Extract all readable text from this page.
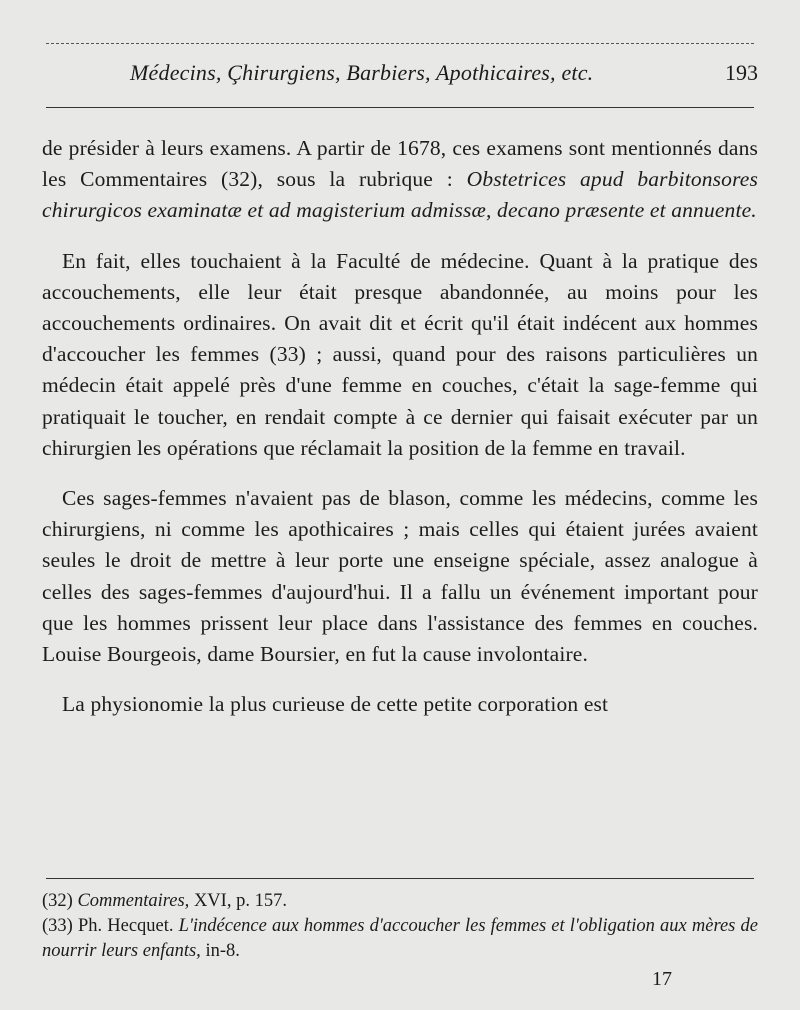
Médecins, Çhirurgiens, Barbiers, Apothicaires, etc.	193

de présider à leurs examens. A partir de 1678, ces examens sont mentionnés dans les Commentaires (32), sous la rubrique : Obstetrices apud barbitonsores chirurgicos examinatæ et ad magisterium admissæ, decano præsente et annuente.

En fait, elles touchaient à la Faculté de médecine. Quant à la pratique des accouchements, elle leur était presque abandonnée, au moins pour les accouchements ordinaires. On avait dit et écrit qu'il était indécent aux hommes d'accoucher les femmes (33) ; aussi, quand pour des raisons particulières un médecin était appelé près d'une femme en couches, c'était la sage-femme qui pratiquait le toucher, en rendait compte à ce dernier qui faisait exécuter par un chirurgien les opérations que réclamait la position de la femme en travail.

Ces sages-femmes n'avaient pas de blason, comme les médecins, comme les chirurgiens, ni comme les apothicaires ; mais celles qui étaient jurées avaient seules le droit de mettre à leur porte une enseigne spéciale, assez analogue à celles des sages-femmes d'aujourd'hui. Il a fallu un événement important pour que les hommes prissent leur place dans l'assistance des femmes en couches. Louise Bourgeois, dame Boursier, en fut la cause involontaire.

La physionomie la plus curieuse de cette petite corporation est

(32) Commentaires, XVI, p. 157.

(33) Ph. Hecquet. L'indécence aux hommes d'accoucher les femmes et l'obligation aux mères de nourrir leurs enfants, in-8.

17
